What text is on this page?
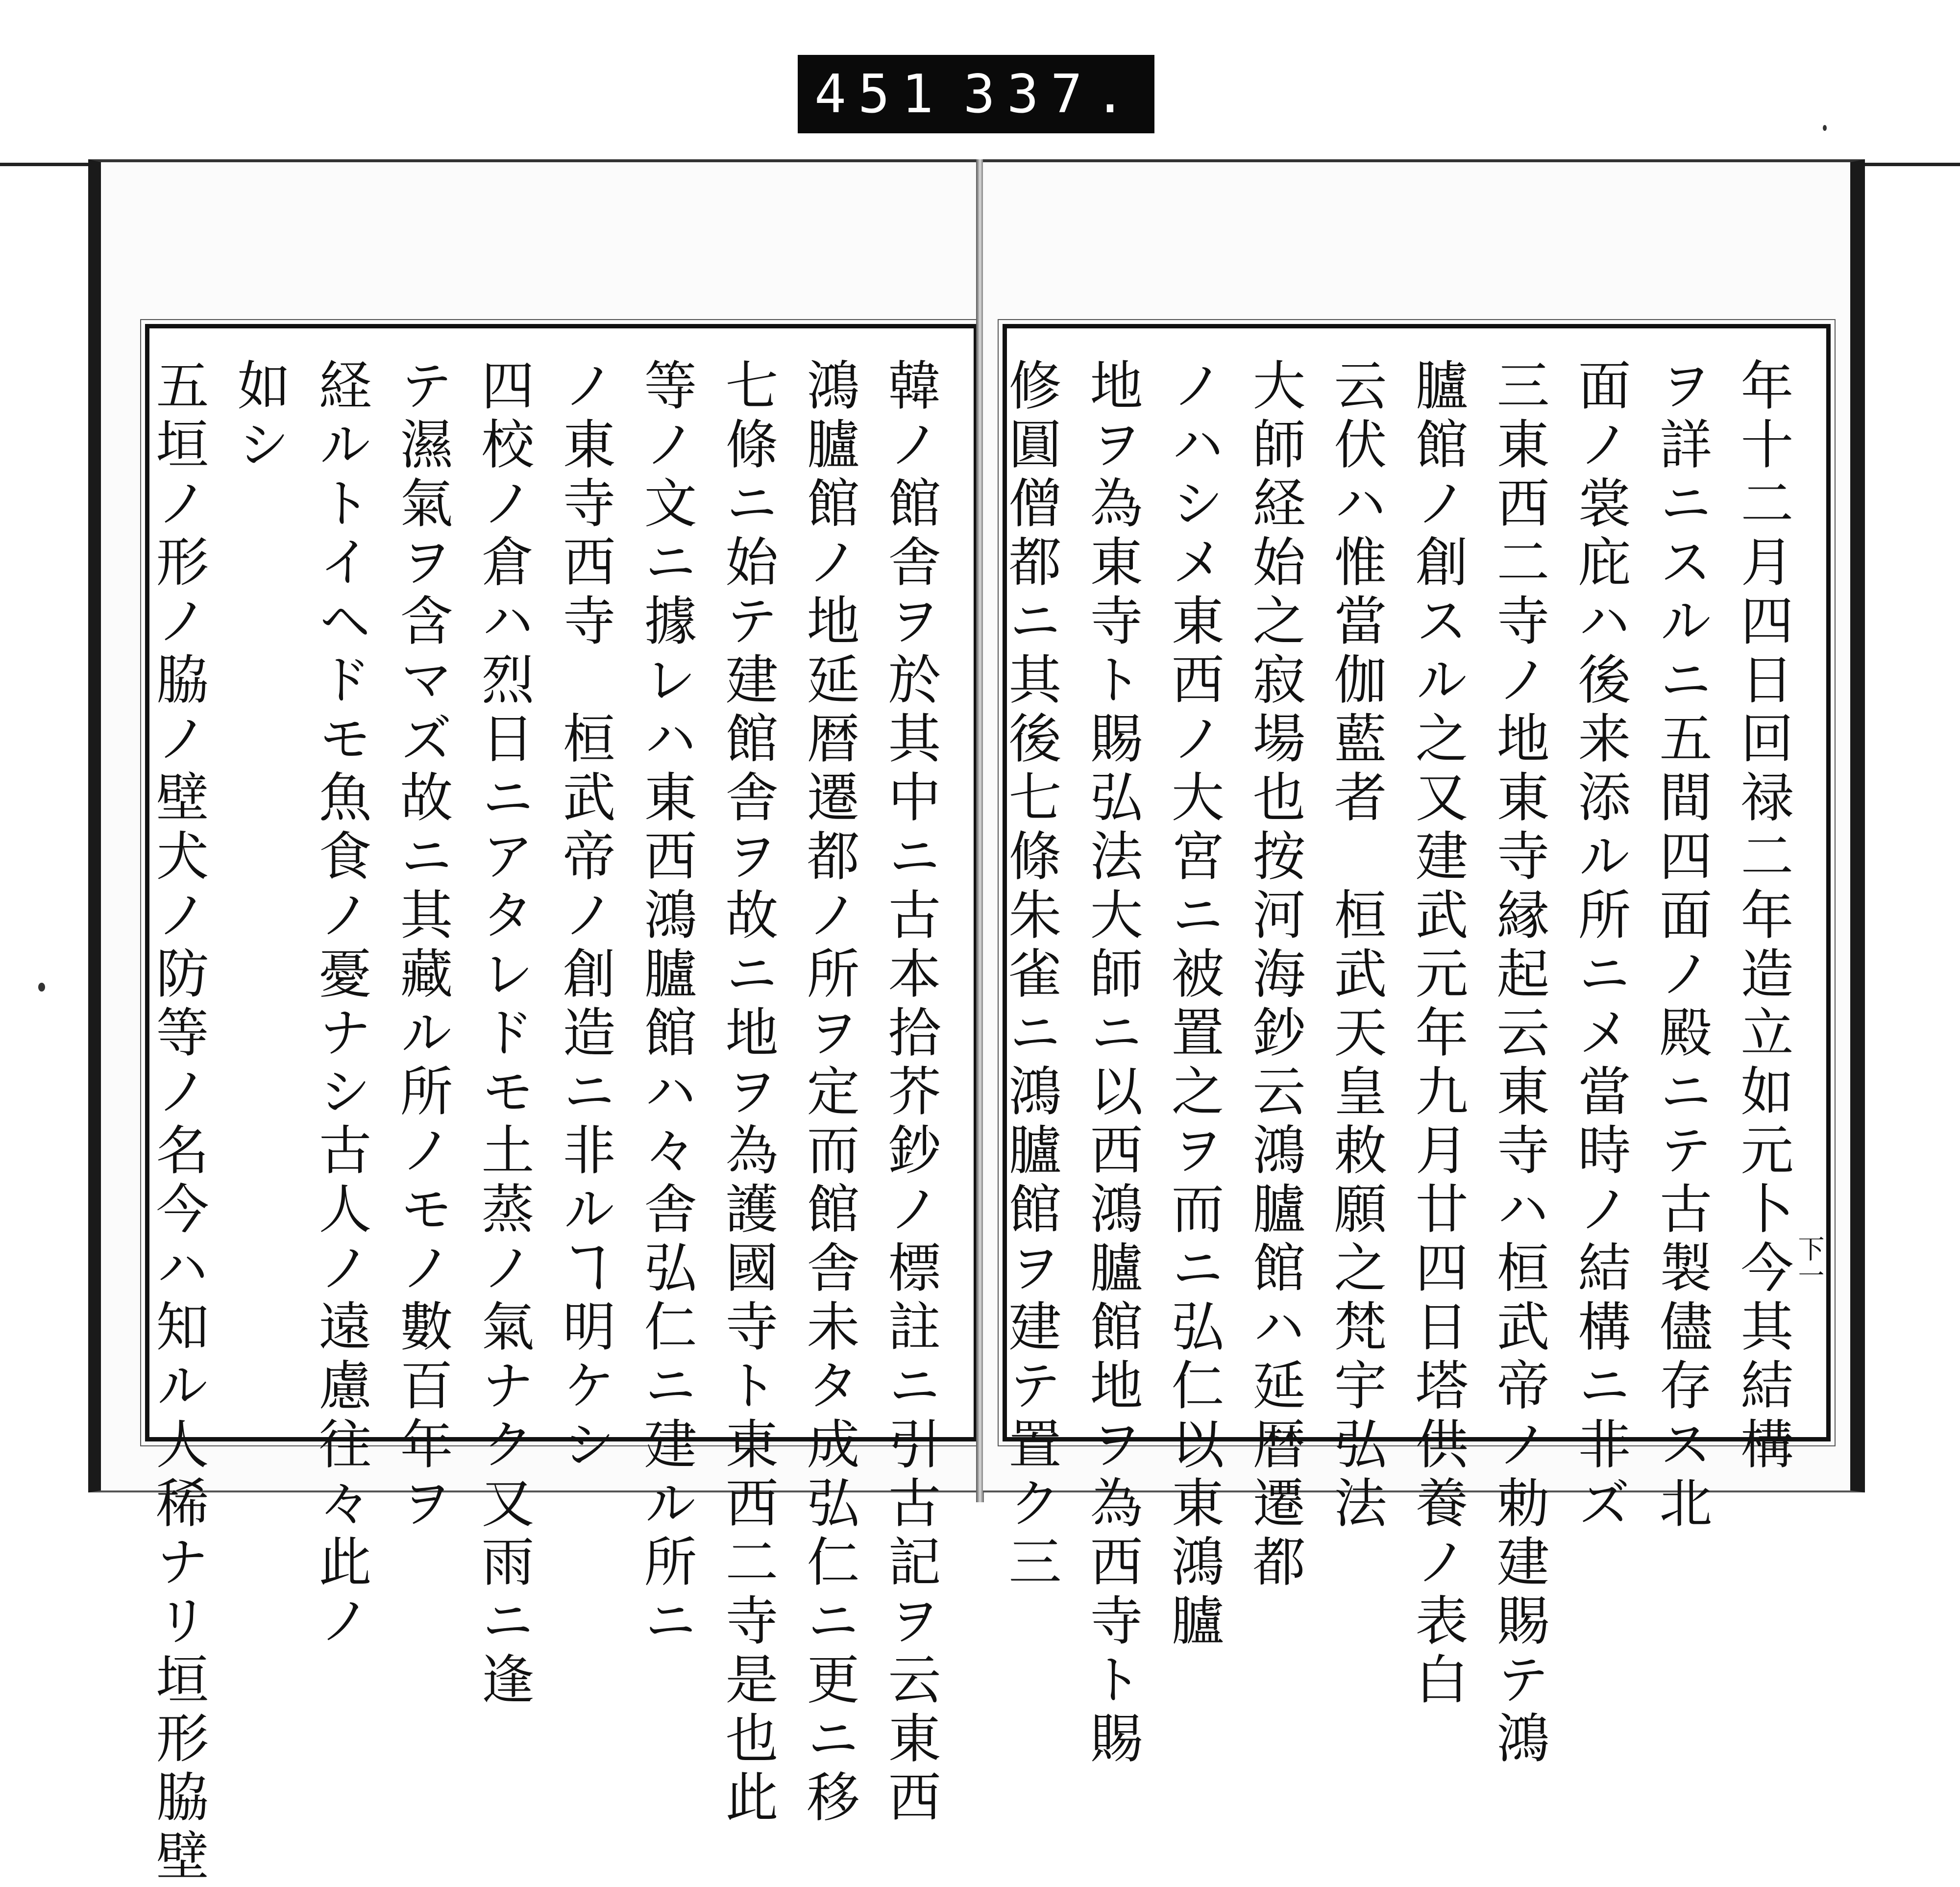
451 337.
韓ノ館舎ヲ於其中ニ古本拾芥鈔ノ標註ニ引古記ヲ云東西
鴻臚館ノ地延暦遷都ノ所ヲ定而館舎未タ成弘仁ニ更ニ移
七條ニ始テ建館舎ヲ故ニ地ヲ為護國寺ト東西二寺是也此
等ノ文ニ據レハ東西鴻臚館ハ々舎弘仁ニ建ル所ニ
ノ東寺西寺　桓武帝ノ創造ニ非ルヿ明ケシ
四校ノ倉ハ烈日ニアタレドモ土蒸ノ氣ナク又雨ニ逢
テ濕氣ヲ含マズ故ニ其藏ル所ノモノ數百年ヲ
経ルトイヘドモ魚食ノ憂ナシ古人ノ遠慮往々此ノ
如シ
五垣ノ形ノ脇ノ壁犬ノ防等ノ名今ハ知ル人稀ナリ垣形脇壁	年十二月四日回禄二年造立如元卜今其結構
ヲ詳ニスルニ五間四面ノ殿ニテ古製儘存ス北
面ノ裳庇ハ後来添ル所ニメ當時ノ結構ニ非ズ
三東西二寺ノ地東寺縁起云東寺ハ桓武帝ノ勅建賜テ鴻
臚館ノ創スル之又建武元年九月廿四日塔供養ノ表白
云伏ハ惟當伽藍者　桓武天皇敕願之梵宇弘法
大師経始之寂場也按河海鈔云鴻臚館ハ延暦遷都
ノハシメ東西ノ大宮ニ被置之ヲ而ニ弘仁以東鴻臚
地ヲ為東寺ト賜弘法大師ニ以西鴻臚館地ヲ為西寺ト賜
修圓僧都ニ其後七條朱雀ニ鴻臚館ヲ建テ置ク三	下一
